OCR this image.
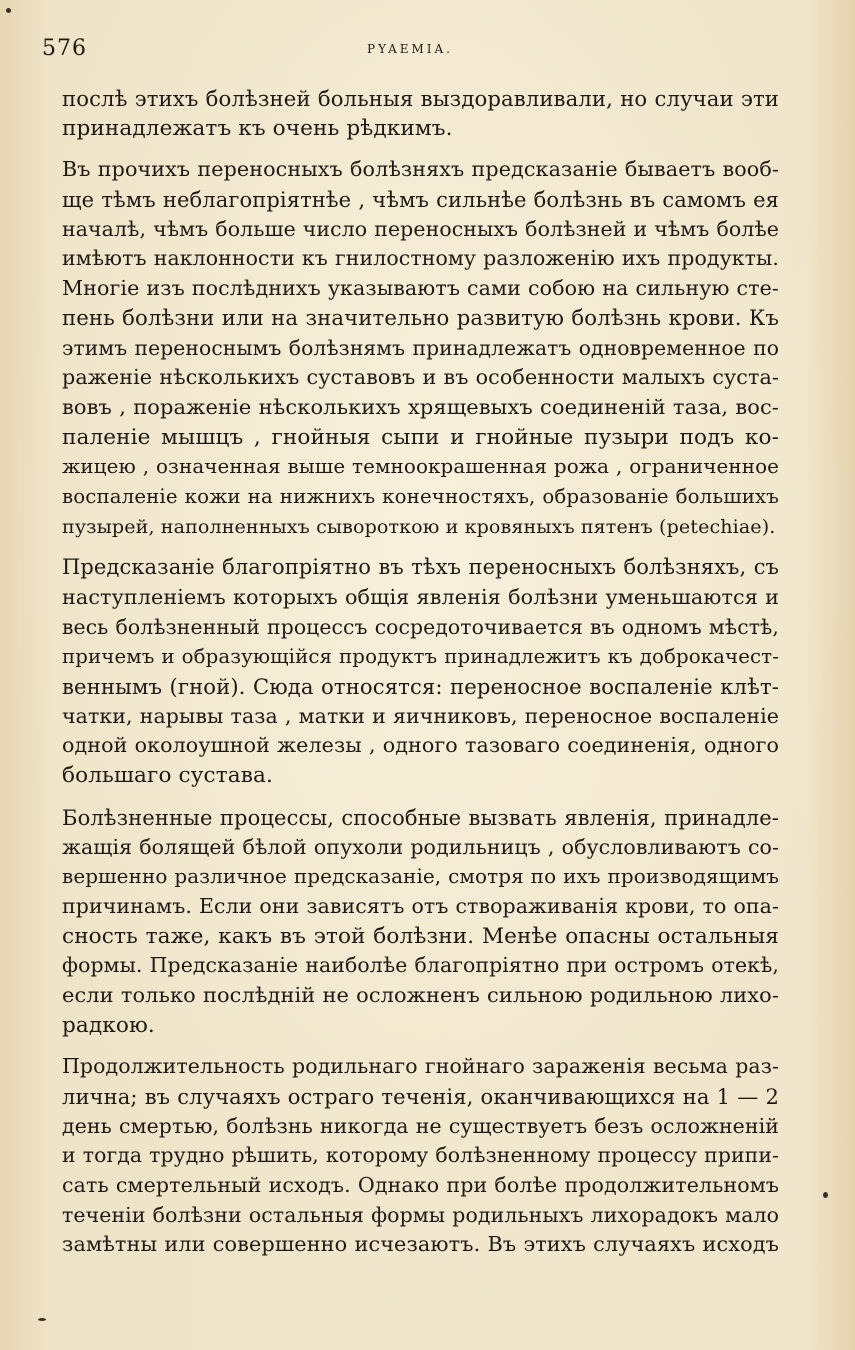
576	PYAEMIA.
послѣ этихъ болѣзней больныя выздоравливали, но случаи эти
принадлежатъ къ очень рѣдкимъ.
Въ прочихъ переносныхъ болѣзняхъ предсказаніе бываетъ вооб-
ще тѣмъ неблагопріятнѣе , чѣмъ сильнѣе болѣзнь въ самомъ ея
началѣ, чѣмъ больше число переносныхъ болѣзней и чѣмъ болѣе
имѣютъ наклонности къ гнилостному разложенію ихъ продукты.
Многіе изъ послѣднихъ указываютъ сами собою на сильную сте-
пень болѣзни или на значительно развитую болѣзнь крови. Къ
этимъ переноснымъ болѣзнямъ принадлежатъ одновременное по
раженіе нѣсколькихъ суставовъ и въ особенности малыхъ суста-
вовъ , пораженіе нѣсколькихъ хрящевыхъ соединеній таза, вос-
паленіе мышцъ , гнойныя сыпи и гнойные пузыри подъ ко-
жицею , означенная выше темноокрашенная рожа , ограниченное
воспаленіе кожи на нижнихъ конечностяхъ, образованіе большихъ
пузырей, наполненныхъ сывороткою и кровяныхъ пятенъ (petechiae).
Предсказаніе благопріятно въ тѣхъ переносныхъ болѣзняхъ, съ
наступленіемъ которыхъ общія явленія болѣзни уменьшаются и
весь болѣзненный процессъ сосредоточивается въ одномъ мѣстѣ,
причемъ и образующійся продуктъ принадлежитъ къ доброкачест-
веннымъ (гной). Сюда относятся: переносное воспаленіе клѣт-
чатки, нарывы таза , матки и яичниковъ, переносное воспаленіе
одной околоушной железы , одного тазоваго соединенія, одного
большаго сустава.
Болѣзненные процессы, способные вызвать явленія, принадле-
жащія болящей бѣлой опухоли родильницъ , обусловливаютъ со-
вершенно различное предсказаніе, смотря по ихъ производящимъ
причинамъ. Если они зависятъ отъ створаживанія крови, то опа-
сность таже, какъ въ этой болѣзни. Менѣе опасны остальныя
формы. Предсказаніе наиболѣе благопріятно при остромъ отекѣ,
если только послѣдній не осложненъ сильною родильною лихо-
радкою.
Продолжительность родильнаго гнойнаго зараженія весьма раз-
лична; въ случаяхъ остраго теченія, оканчивающихся на 1 — 2
день смертью, болѣзнь никогда не существуетъ безъ осложненій
и тогда трудно рѣшить, которому болѣзненному процессу припи-
сать смертельный исходъ. Однако при болѣе продолжительномъ
теченіи болѣзни остальныя формы родильныхъ лихорадокъ мало
замѣтны или совершенно исчезаютъ. Въ этихъ случаяхъ исходъ
